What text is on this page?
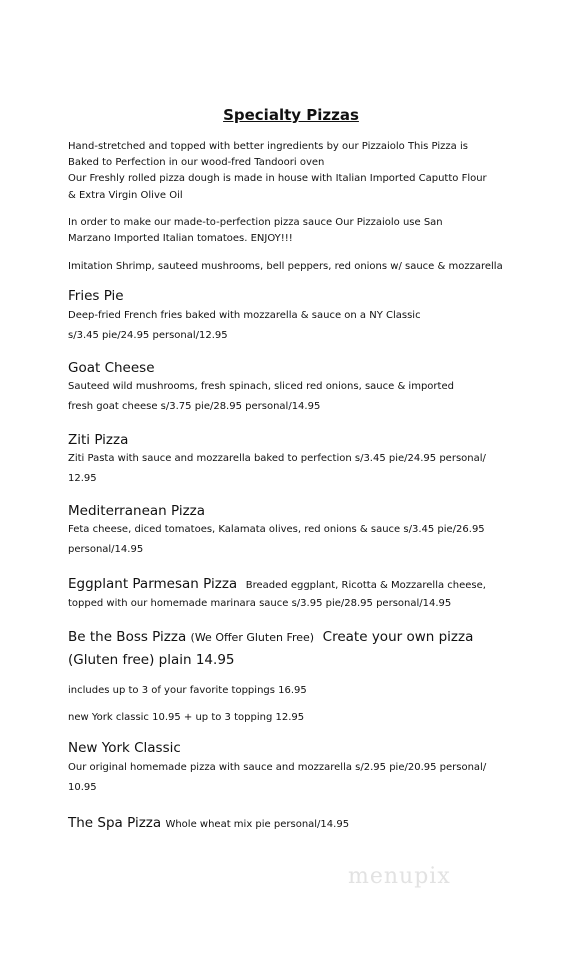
Specialty Pizzas
Hand-stretched and topped with better ingredients by our Pizzaiolo This Pizza is
Baked to Perfection in our wood-fred Tandoori oven
Our Freshly rolled pizza dough is made in house with Italian Imported Caputto Flour
& Extra Virgin Olive Oil
In order to make our made-to-perfection pizza sauce Our Pizzaiolo use San
Marzano Imported Italian tomatoes. ENJOY!!!
Imitation Shrimp, sauteed mushrooms, bell peppers, red onions w/ sauce & mozzarella
Fries Pie
Deep-fried French fries baked with mozzarella & sauce on a NY Classic
s/3.45 pie/24.95 personal/12.95
Goat Cheese
Sauteed wild mushrooms, fresh spinach, sliced red onions, sauce & imported
fresh goat cheese s/3.75 pie/28.95 personal/14.95
Ziti Pizza
Ziti Pasta with sauce and mozzarella baked to perfection s/3.45 pie/24.95 personal/
12.95
Mediterranean Pizza
Feta cheese, diced tomatoes, Kalamata olives, red onions & sauce s/3.45 pie/26.95
personal/14.95
Eggplant Parmesan Pizza Breaded eggplant, Ricotta & Mozzarella cheese,
topped with our homemade marinara sauce s/3.95 pie/28.95 personal/14.95
Be the Boss Pizza (We Offer Gluten Free) Create your own pizza
(Gluten free) plain 14.95
includes up to 3 of your favorite toppings 16.95
new York classic 10.95 + up to 3 topping 12.95
New York Classic
Our original homemade pizza with sauce and mozzarella s/2.95 pie/20.95 personal/
10.95
The Spa Pizza Whole wheat mix pie personal/14.95
menupix
